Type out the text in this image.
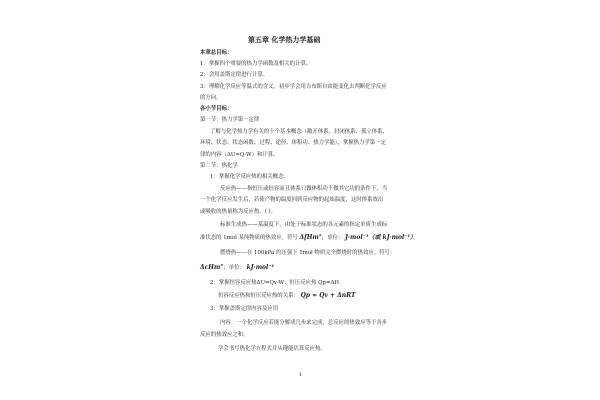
第五章 化学热力学基础
本章总目标：
1：掌握四个重要的热力学函数及相关的计算。
2：会用盖斯定律进行计算。
3：理解化学反应等温式的含义，初步学会用吉布斯自由能变化去判断化学反应
的方向。
各小节目标：
第一节：热力学第一定律
了解与化学热力学有关的十个基本概念（敞开体系、封闭体系、孤立体系、
环境、状态、状态函数、过程、途径、体积功、热力学能），掌握热力学第一定
律的内容（ΔU=Q-W）和计算。
第二节：热化学
1：掌握化学反应热的相关概念：
反应热——指恒压或恒容而且体系只做体积功不做其它功的条件下，当
一个化学反应发生后，若使产物的温度回到反应物的起始温度，这时体系放出
或吸收的热量称为反应热。( )。
标准生成热——某温度下，由处于标准状态的各元素的指定单质生成标
准状态的 1mol 某纯物质的热效应。符号 ΔfHm°，单位： J·mol⁻¹（或 kJ·mol⁻¹）。
燃烧热——在 100kPa 的压强下 1mol 物质完全燃烧时的热效应。符号：
ΔcHm°；单位： kJ·mol⁻¹
2：掌握恒容反应热ΔU=Qv-W；恒压反应热 Qp=ΔH
恒容反应热和恒压反应热的关系： Qp = Qv + ΔnRT
3：掌握盖斯定律内容及应用
内容：一个化学反应若能分解成几步来完成，总反应的热效应等于各步
反应的热效应之和。
学会书写热化学方程式并从键能估算反应热。
1
